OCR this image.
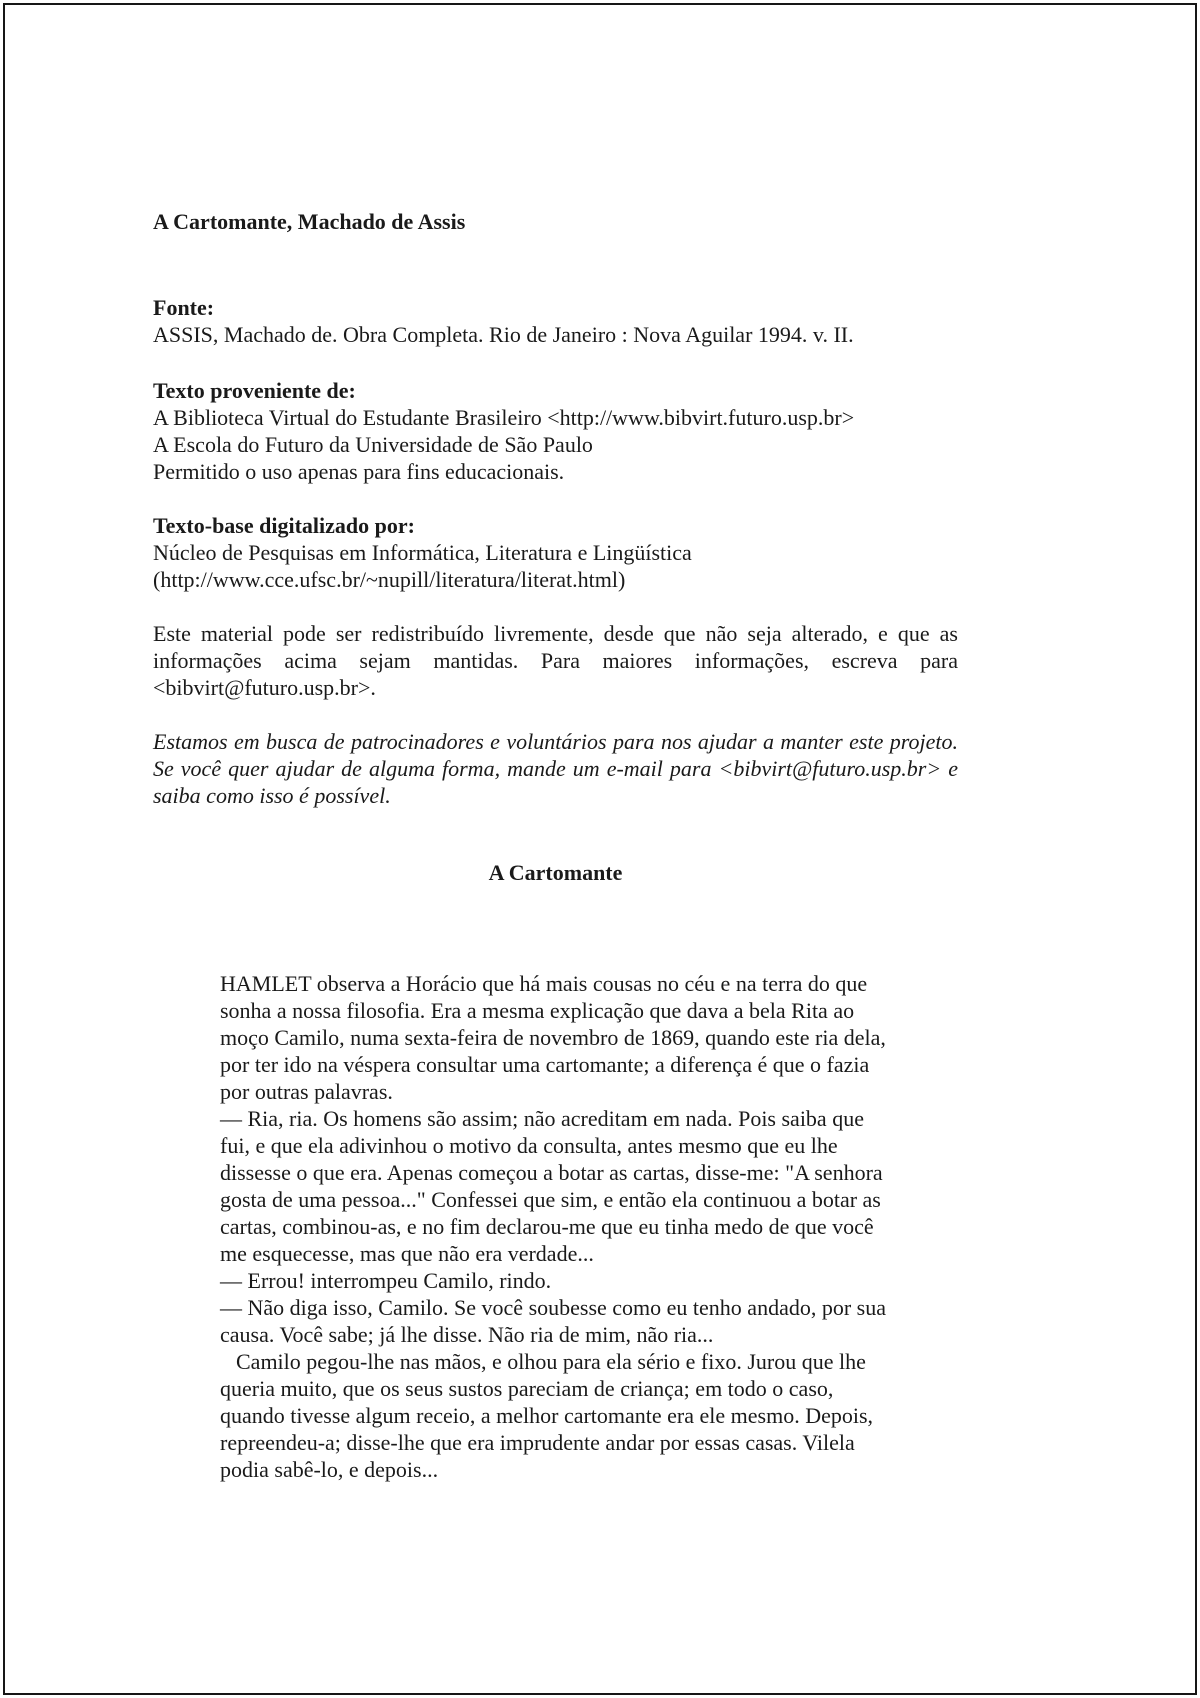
A Cartomante, Machado de Assis
Fonte:
ASSIS, Machado de. Obra Completa. Rio de Janeiro : Nova Aguilar 1994. v. II.
Texto proveniente de:
A Biblioteca Virtual do Estudante Brasileiro <http://www.bibvirt.futuro.usp.br>
A Escola do Futuro da Universidade de São Paulo
Permitido o uso apenas para fins educacionais.
Texto-base digitalizado por:
Núcleo de Pesquisas em Informática, Literatura e Lingüística
(http://www.cce.ufsc.br/~nupill/literatura/literat.html)
Este material pode ser redistribuído livremente, desde que não seja alterado, e que as informações acima sejam mantidas. Para maiores informações, escreva para <bibvirt@futuro.usp.br>.
Estamos em busca de patrocinadores e voluntários para nos ajudar a manter este projeto. Se você quer ajudar de alguma forma, mande um e-mail para <bibvirt@futuro.usp.br> e saiba como isso é possível.
A Cartomante

HAMLET observa a Horácio que há mais cousas no céu e na terra do que sonha a nossa filosofia. Era a mesma explicação que dava a bela Rita ao moço Camilo, numa sexta-feira de novembro de 1869, quando este ria dela, por ter ido na véspera consultar uma cartomante; a diferença é que o fazia por outras palavras.

— Ria, ria. Os homens são assim; não acreditam em nada. Pois saiba que fui, e que ela adivinhou o motivo da consulta, antes mesmo que eu lhe dissesse o que era. Apenas começou a botar as cartas, disse-me: "A senhora gosta de uma pessoa..." Confessei que sim, e então ela continuou a botar as cartas, combinou-as, e no fim declarou-me que eu tinha medo de que você me esquecesse, mas que não era verdade...

— Errou! interrompeu Camilo, rindo.

— Não diga isso, Camilo. Se você soubesse como eu tenho andado, por sua causa. Você sabe; já lhe disse. Não ria de mim, não ria...

Camilo pegou-lhe nas mãos, e olhou para ela sério e fixo. Jurou que lhe queria muito, que os seus sustos pareciam de criança; em todo o caso, quando tivesse algum receio, a melhor cartomante era ele mesmo. Depois, repreendeu-a; disse-lhe que era imprudente andar por essas casas. Vilela podia sabê-lo, e depois...
